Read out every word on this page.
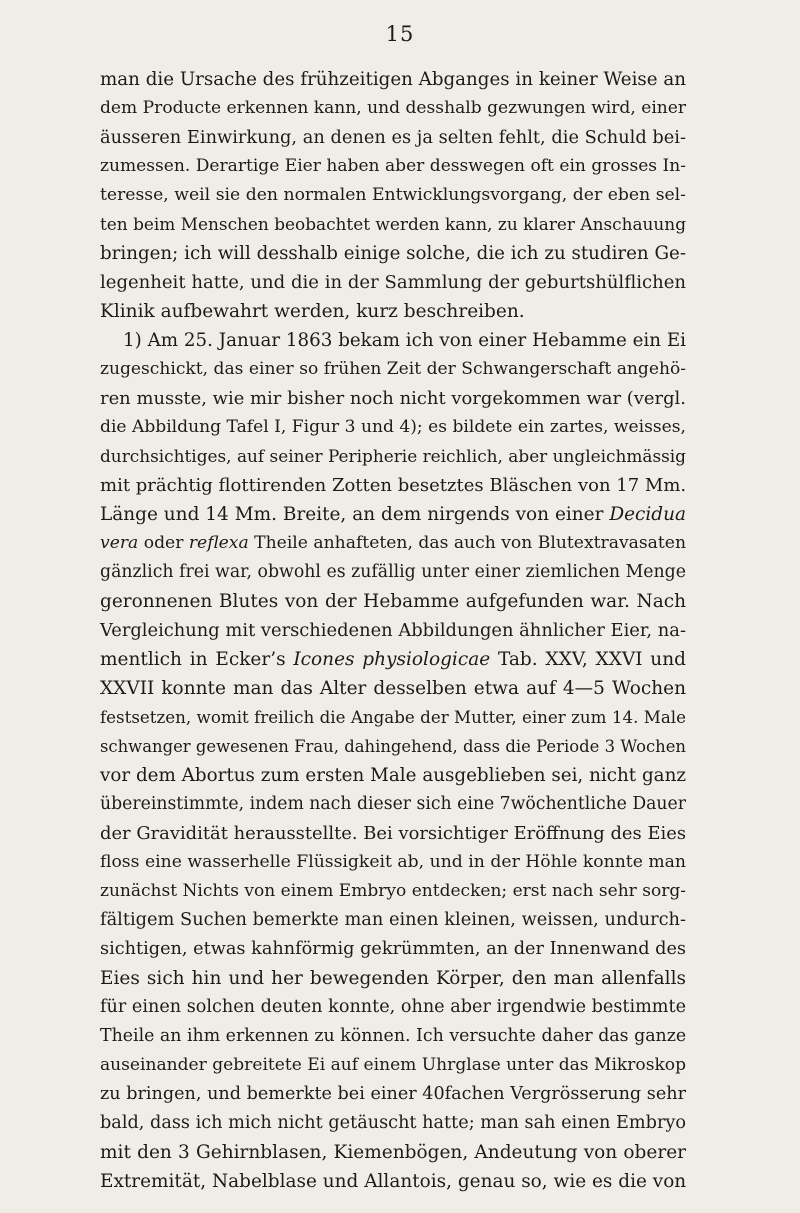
15
man die Ursache des frühzeitigen Abganges in keiner Weise an
dem Producte erkennen kann, und desshalb gezwungen wird, einer
äusseren Einwirkung, an denen es ja selten fehlt, die Schuld bei-
zumessen. Derartige Eier haben aber desswegen oft ein grosses In-
teresse, weil sie den normalen Entwicklungsvorgang, der eben sel-
ten beim Menschen beobachtet werden kann, zu klarer Anschauung
bringen; ich will desshalb einige solche, die ich zu studiren Ge-
legenheit hatte, und die in der Sammlung der geburtshülflichen
Klinik aufbewahrt werden, kurz beschreiben.
1) Am 25. Januar 1863 bekam ich von einer Hebamme ein Ei
zugeschickt, das einer so frühen Zeit der Schwangerschaft angehö-
ren musste, wie mir bisher noch nicht vorgekommen war (vergl.
die Abbildung Tafel I, Figur 3 und 4); es bildete ein zartes, weisses,
durchsichtiges, auf seiner Peripherie reichlich, aber ungleichmässig
mit prächtig flottirenden Zotten besetztes Bläschen von 17 Mm.
Länge und 14 Mm. Breite, an dem nirgends von einer Decidua
vera oder reflexa Theile anhafteten, das auch von Blutextravasaten
gänzlich frei war, obwohl es zufällig unter einer ziemlichen Menge
geronnenen Blutes von der Hebamme aufgefunden war. Nach
Vergleichung mit verschiedenen Abbildungen ähnlicher Eier, na-
mentlich in Ecker’s Icones physiologicae Tab. XXV, XXVI und
XXVII konnte man das Alter desselben etwa auf 4—5 Wochen
festsetzen, womit freilich die Angabe der Mutter, einer zum 14. Male
schwanger gewesenen Frau, dahingehend, dass die Periode 3 Wochen
vor dem Abortus zum ersten Male ausgeblieben sei, nicht ganz
übereinstimmte, indem nach dieser sich eine 7wöchentliche Dauer
der Gravidität herausstellte. Bei vorsichtiger Eröffnung des Eies
floss eine wasserhelle Flüssigkeit ab, und in der Höhle konnte man
zunächst Nichts von einem Embryo entdecken; erst nach sehr sorg-
fältigem Suchen bemerkte man einen kleinen, weissen, undurch-
sichtigen, etwas kahnförmig gekrümmten, an der Innenwand des
Eies sich hin und her bewegenden Körper, den man allenfalls
für einen solchen deuten konnte, ohne aber irgendwie bestimmte
Theile an ihm erkennen zu können. Ich versuchte daher das ganze
auseinander gebreitete Ei auf einem Uhrglase unter das Mikroskop
zu bringen, und bemerkte bei einer 40fachen Vergrösserung sehr
bald, dass ich mich nicht getäuscht hatte; man sah einen Embryo
mit den 3 Gehirnblasen, Kiemenbögen, Andeutung von oberer
Extremität, Nabelblase und Allantois, genau so, wie es die von
